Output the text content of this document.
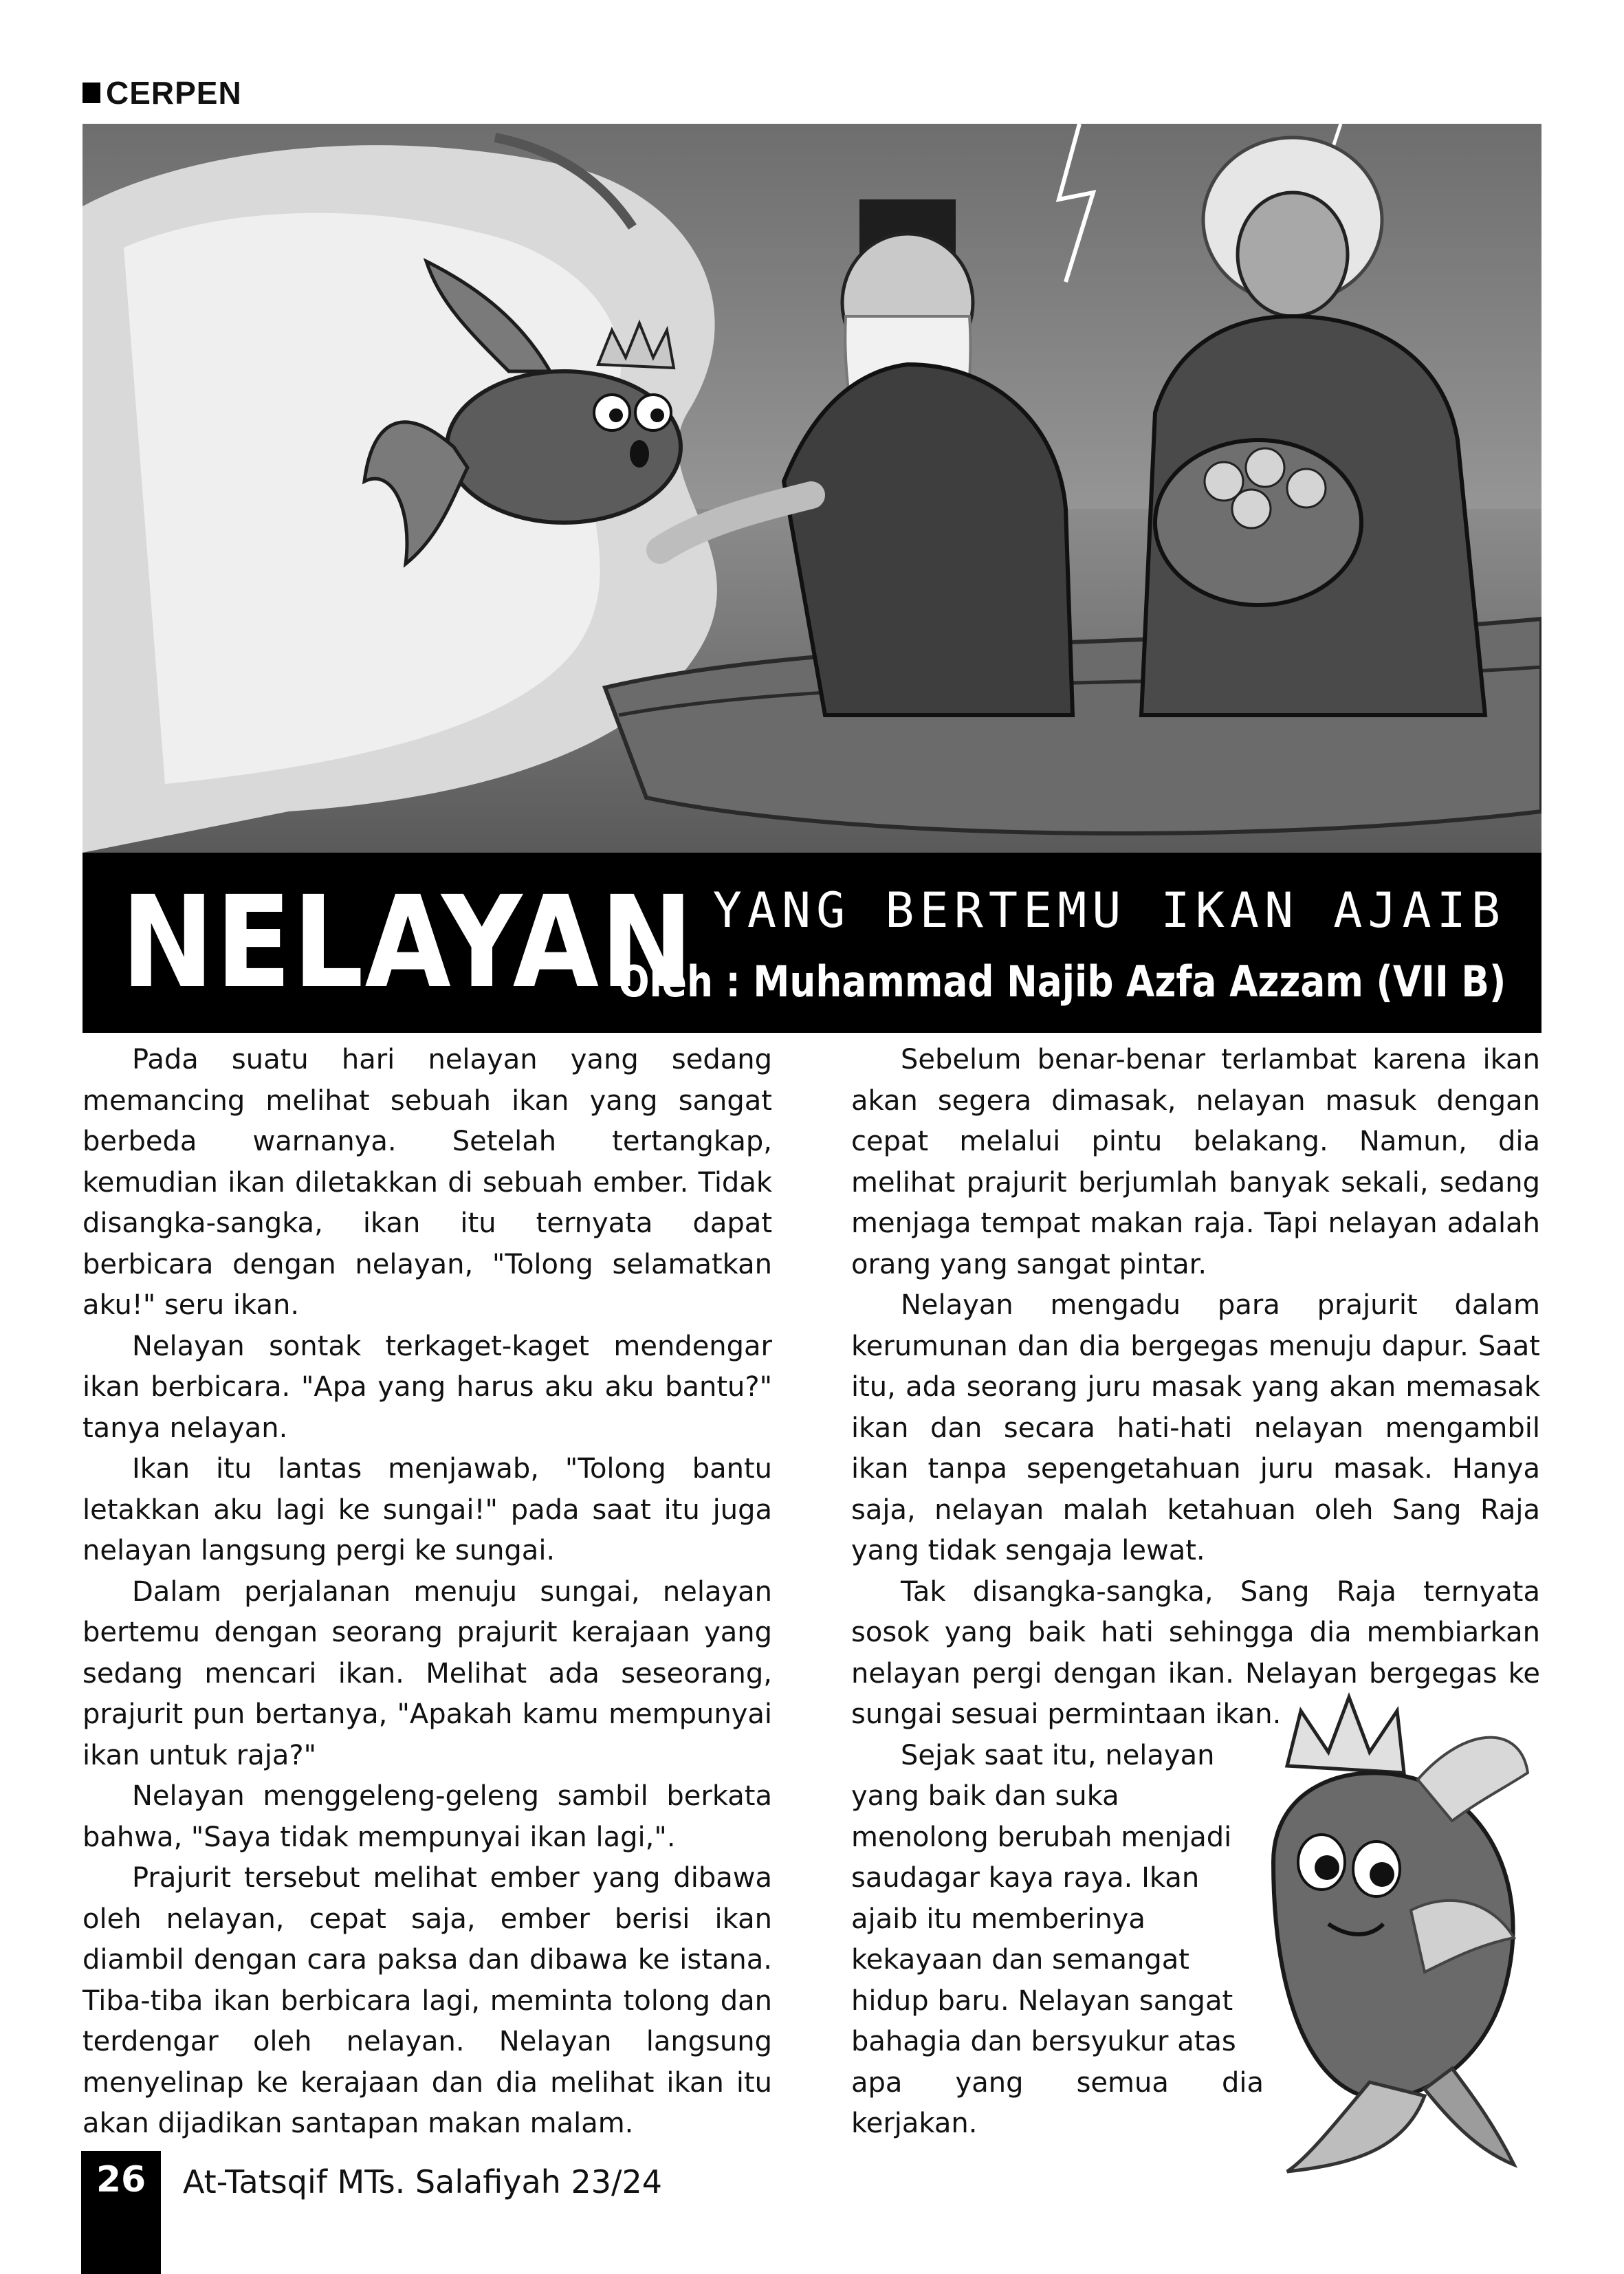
CERPEN
NELAYAN YANG BERTEMU IKAN AJAIB
Oleh : Muhammad Najib Azfa Azzam (VII B)

Pada suatu hari nelayan yang sedang memancing melihat sebuah ikan yang sangat berbeda warnanya. Setelah tertangkap, kemudian ikan diletakkan di sebuah ember. Tidak disangka-sangka, ikan itu ternyata dapat berbicara dengan nelayan, "Tolong selamatkan aku!" seru ikan.

Nelayan sontak terkaget-kaget mendengar ikan berbicara. "Apa yang harus aku aku bantu?" tanya nelayan.

Ikan itu lantas menjawab, "Tolong bantu letakkan aku lagi ke sungai!" pada saat itu juga nelayan langsung pergi ke sungai.

Dalam perjalanan menuju sungai, nelayan bertemu dengan seorang prajurit kerajaan yang sedang mencari ikan. Melihat ada seseorang, prajurit pun bertanya, "Apakah kamu mempunyai ikan untuk raja?"

Nelayan menggeleng-geleng sambil berkata bahwa, "Saya tidak mempunyai ikan lagi,".

Prajurit tersebut melihat ember yang dibawa oleh nelayan, cepat saja, ember berisi ikan diambil dengan cara paksa dan dibawa ke istana. Tiba-tiba ikan berbicara lagi, meminta tolong dan terdengar oleh nelayan. Nelayan langsung menyelinap ke kerajaan dan dia melihat ikan itu akan dijadikan santapan makan malam.

Sebelum benar-benar terlambat karena ikan akan segera dimasak, nelayan masuk dengan cepat melalui pintu belakang. Namun, dia melihat prajurit berjumlah banyak sekali, sedang menjaga tempat makan raja. Tapi nelayan adalah orang yang sangat pintar.

Nelayan mengadu para prajurit dalam kerumunan dan dia bergegas menuju dapur. Saat itu, ada seorang juru masak yang akan memasak ikan dan secara hati-hati nelayan mengambil ikan tanpa sepengetahuan juru masak. Hanya saja, nelayan malah ketahuan oleh Sang Raja yang tidak sengaja lewat.

Tak disangka-sangka, Sang Raja ternyata sosok yang baik hati sehingga dia membiarkan nelayan pergi dengan ikan. Nelayan bergegas ke sungai sesuai permintaan ikan.

Sejak saat itu, nelayan
yang baik dan suka
menolong berubah menjadi
saudagar kaya raya. Ikan
ajaib itu memberinya
kekayaan dan semangat
hidup baru. Nelayan sangat
bahagia dan bersyukur atas
apa yang semua dia kerjakan.
26	At-Tatsqif MTs. Salafiyah 23/24
